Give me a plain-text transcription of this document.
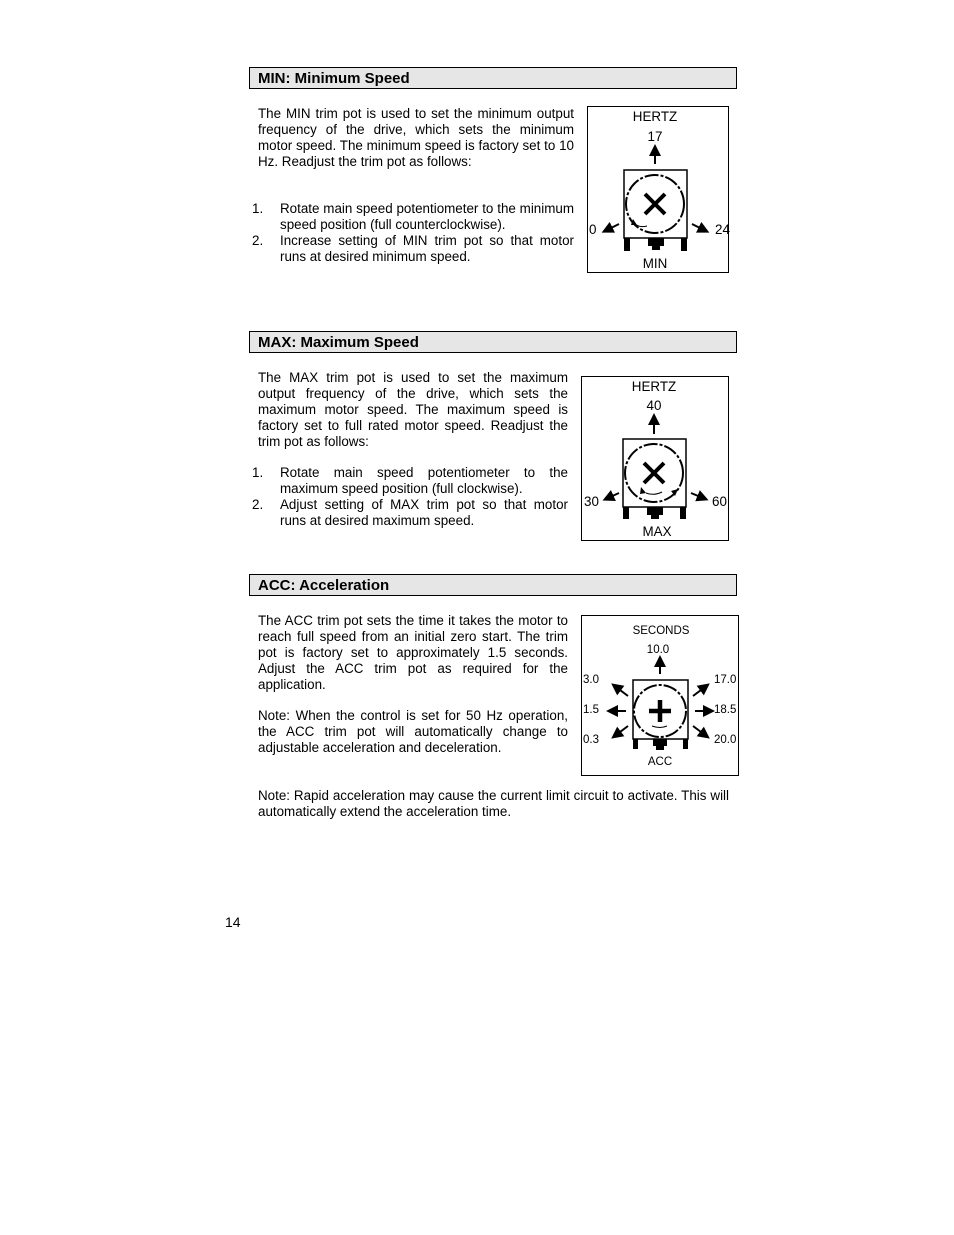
MIN: Minimum Speed

The MIN trim pot is used to set the minimum output frequency of the drive, which sets the minimum motor speed. The minimum speed is factory set to 10 Hz. Readjust the trim pot as follows:

1. Rotate main speed potentiometer to the minimum speed position (full counterclockwise).
2. Increase setting of MIN trim pot so that motor runs at desired minimum speed.
HERTZ
17
0	24
MIN
MAX: Maximum Speed

The MAX trim pot is used to set the maximum output frequency of the drive, which sets the maximum motor speed. The maximum speed is factory set to full rated motor speed. Readjust the trim pot as follows:

1. Rotate main speed potentiometer to the maximum speed position (full clockwise).
2. Adjust setting of MAX trim pot so that motor runs at desired maximum speed.
HERTZ
40
30	60
MAX
ACC: Acceleration

The ACC trim pot sets the time it takes the motor to reach full speed from an initial zero start. The trim pot is factory set to approximately 1.5 seconds. Adjust the ACC trim pot as required for the application.

Note: When the control is set for 50 Hz operation, the ACC trim pot will automatically change to adjustable acceleration and deceleration.

Note: Rapid acceleration may cause the current limit circuit to activate. This will automatically extend the acceleration time.

SECONDS
10.0
3.0
1.5
0.3
17.0
18.5
20.0
ACC
14
